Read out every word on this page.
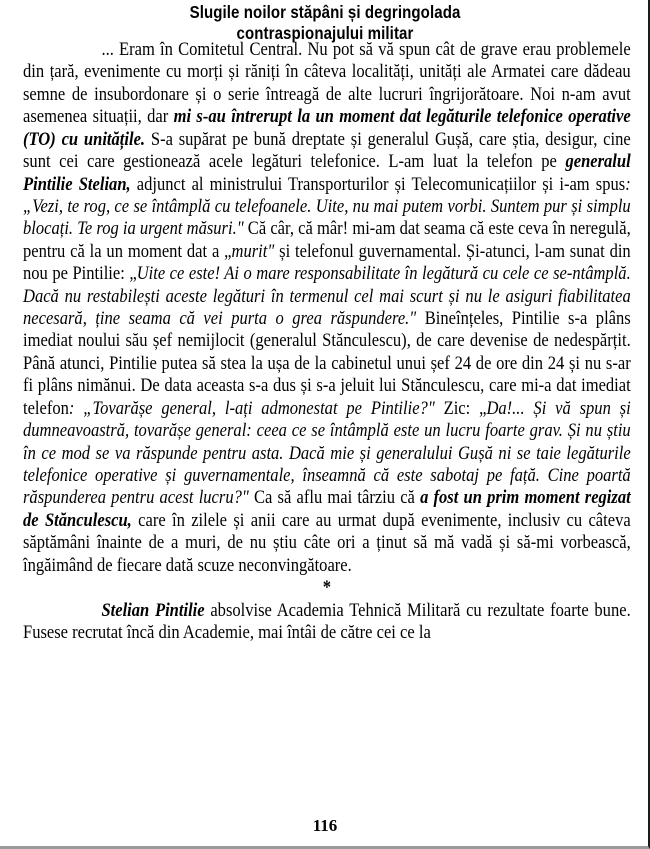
Slugile noilor stăpâni și degringolada
contraspionajului militar

... Eram în Comitetul Central. Nu pot să vă spun cât de grave erau problemele din țară, evenimente cu morți și răniți în câteva localități, unități ale Armatei care dădeau semne de insubordonare și o serie întreagă de alte lucruri îngrijorătoare. Noi n-am avut asemenea situații, dar mi s-au întrerupt la un moment dat legăturile telefonice operative (TO) cu unitățile. S-a supărat pe bună dreptate și generalul Gușă, care știa, desigur, cine sunt cei care gestionează acele legături telefonice. L-am luat la telefon pe generalul Pintilie Stelian, adjunct al ministrului Transporturilor și Telecomunicațiilor și i-am spus: „Vezi, te rog, ce se întâmplă cu telefoanele. Uite, nu mai putem vorbi. Suntem pur și simplu blocați. Te rog ia urgent măsuri." Că câr, că mâr! mi-am dat seama că este ceva în neregulă, pentru că la un moment dat a „murit" și telefonul guvernamental. Și-atunci, l-am sunat din nou pe Pintilie: „Uite ce este! Ai o mare responsabilitate în legătură cu cele ce se-ntâmplă. Dacă nu restabilești aceste legături în termenul cel mai scurt și nu le asiguri fiabilitatea necesară, ține seama că vei purta o grea răspundere." Bineînțeles, Pintilie s-a plâns imediat noului său șef nemijlocit (generalul Stănculescu), de care devenise de nedespărțit. Până atunci, Pintilie putea să stea la ușa de la cabinetul unui șef 24 de ore din 24 și nu s-ar fi plâns nimănui. De data aceasta s-a dus și s-a jeluit lui Stănculescu, care mi-a dat imediat telefon: „Tovarășe general, l-ați admonestat pe Pintilie?" Zic: „Da!... Și vă spun și dumneavoastră, tovarășe general: ceea ce se întâmplă este un lucru foarte grav. Și nu știu în ce mod se va răspunde pentru asta. Dacă mie și generalului Gușă ni se taie legăturile telefonice operative și guvernamentale, înseamnă că este sabotaj pe față. Cine poartă răspunderea pentru acest lucru?" Ca să aflu mai târziu că a fost un prim moment regizat de Stănculescu, care în zilele și anii care au urmat după evenimente, inclusiv cu câteva săptămâni înainte de a muri, de nu știu câte ori a ținut să mă vadă și să-mi vorbească, îngăimând de fiecare dată scuze neconvingătoare.

*

Stelian Pintilie absolvise Academia Tehnică Militară cu rezultate foarte bune. Fusese recrutat încă din Academie, mai întâi de către cei ce la

116
